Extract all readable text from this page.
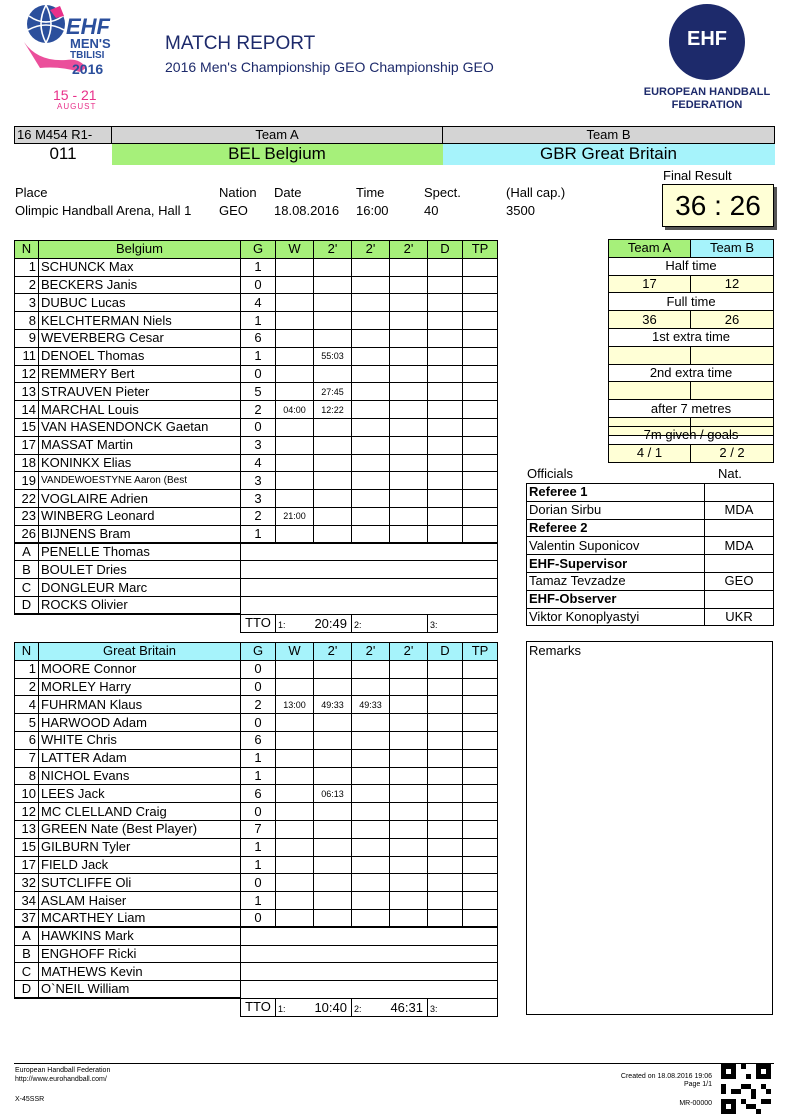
EHF
MEN'S
TBILISI
2016
15 - 21
AUGUST
MATCH REPORT
2016 Men's Championship GEO Championship GEO
EHF
EUROPEAN HANDBALL
FEDERATION
16 M454 R1-	Team A	Team B
011	BEL Belgium	GBR Great Britain
Place
Olimpic Handball Arena, Hall 1
Nation
GEO
Date
18.08.2016
Time
16:00
Spect.
40
(Hall cap.)
3500
Final Result
36 : 26
N	Belgium	G	W	2'	2'	2'	D	TP
1	SCHUNCK Max	1						
2	BECKERS Janis	0						
3	DUBUC Lucas	4						
8	KELCHTERMAN Niels	1						
9	WEVERBERG Cesar	6						
11	DENOEL Thomas	1		55:03				
12	REMMERY Bert	0						
13	STRAUVEN Pieter	5		27:45				
14	MARCHAL Louis	2	04:00	12:22				
15	VAN HASENDONCK Gaetan	0						
17	MASSAT Martin	3						
18	KONINKX Elias	4						
19	VANDEWOESTYNE Aaron (Best	3						
22	VOGLAIRE Adrien	3						
23	WINBERG Leonard	2	21:00					
26	BIJNENS Bram	1						
A	PENELLE Thomas							
B	BOULET Dries							
C	DONGLEUR Marc							
D	ROCKS Olivier							
		TTO	1: 20:49		2:		3:	
N	Great Britain	G	W	2'	2'	2'	D	TP
1	MOORE Connor	0						
2	MORLEY Harry	0						
4	FUHRMAN Klaus	2	13:00	49:33	49:33			
5	HARWOOD Adam	0						
6	WHITE Chris	6						
7	LATTER Adam	1						
8	NICHOL Evans	1						
10	LEES Jack	6		06:13				
12	MC CLELLAND Craig	0						
13	GREEN Nate (Best Player)	7						
15	GILBURN Tyler	1						
17	FIELD Jack	1						
32	SUTCLIFFE Oli	0						
34	ASLAM Haiser	1						
37	MCARTHEY Liam	0						
A	HAWKINS Mark							
B	ENGHOFF Ricki							
C	MATHEWS Kevin							
D	O`NEIL William							
		TTO	1: 10:40		2: 46:31		3:	
Team A	Team B
Half time	
17	12
Full time	
36	26
1st extra time	

2nd extra time	

after 7 metres	

7m given / goals
4 / 1	2 / 2
Officials	Nat.
Referee 1	
Dorian Sirbu	MDA
Referee 2	
Valentin Suponicov	MDA
EHF-Supervisor	
Tamaz Tevzadze	GEO
EHF-Observer	
Viktor Konoplyastyi	UKR
Remarks
European Handball Federation
http://www.eurohandball.com/
X-45SSR
Created on 18.08.2016 19:06
Page 1/1
MR-00000
